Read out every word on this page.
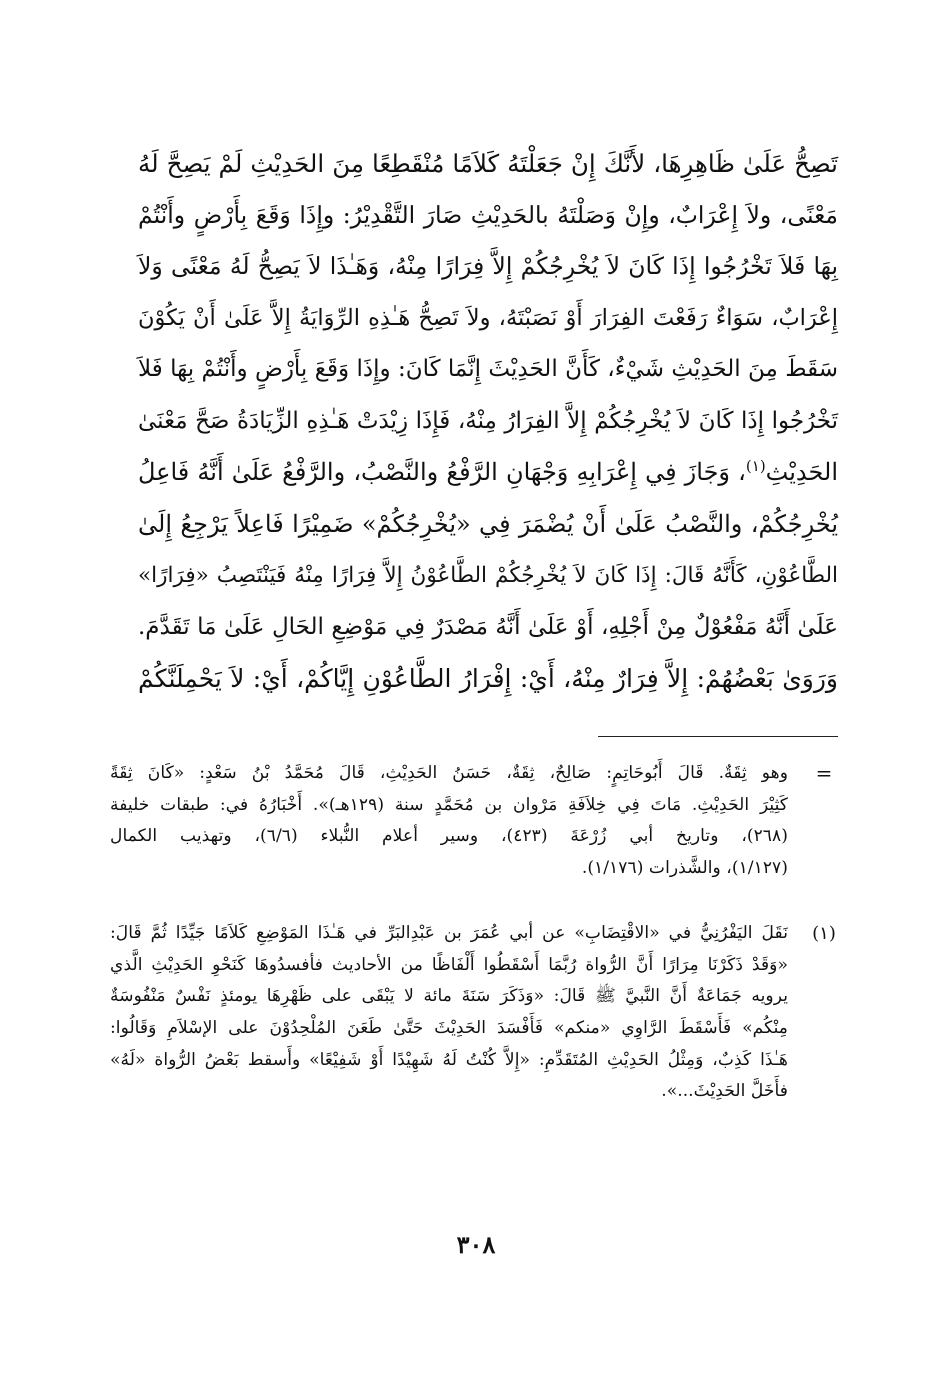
تَصِحُّ عَلَىٰ ظَاهِرِهَا، لأَنَّكَ إِنْ جَعَلْتَهُ كَلاَمًا مُنْقَطِعًا مِنَ الحَدِيْثِ لَمْ يَصِحَّ لَهُ
مَعْنًى، ولاَ إِعْرَابٌ، وإِنْ وَصَلْتَهُ بالحَدِيْثِ صَارَ التَّقْدِيْرُ: وإِذَا وَقَعَ بِأَرْضٍ وأَنْتُمْ
بِهَا فَلاَ تَخْرُجُوا إِذَا كَانَ لاَ يُخْرِجُكُمْ إِلاَّ فِرَارًا مِنْهُ، وَهَـٰذَا لاَ يَصِحُّ لَهُ مَعْنًى وَلاَ
إِعْرَابٌ، سَوَاءٌ رَفَعْتَ الفِرَارَ أَوْ نَصَبْتَهُ، ولاَ تَصِحُّ هَـٰذِهِ الرِّوَايَةُ إِلاَّ عَلَىٰ أَنْ يَكُوْنَ
سَقَطَ مِنَ الحَدِيْثِ شَيْءٌ، كَأَنَّ الحَدِيْثَ إِنَّمَا كَانَ: وإِذَا وَقَعَ بِأَرْضٍ وأَنْتُمْ بِهَا فَلاَ
تَخْرُجُوا إِذَا كَانَ لاَ يُخْرِجُكُمْ إِلاَّ الفِرَارُ مِنْهُ، فَإِذَا زِيْدَتْ هَـٰذِهِ الزِّيَادَةُ صَحَّ مَعْنَىٰ
الحَدِيْثِ$^{(١)}$، وَجَازَ فِي إِعْرَابِهِ وَجْهَانِ الرَّفْعُ والنَّصْبُ، والرَّفْعُ عَلَىٰ أَنَّهُ فَاعِلُ
يُخْرِجُكُمْ، والنَّصْبُ عَلَىٰ أَنْ يُضْمَرَ فِي «يُخْرِجُكُمْ» ضَمِيْرًا فَاعِلاً يَرْجِعُ إِلَىٰ
الطَّاعُوْنِ، كَأَنَّهُ قَالَ: إِذَا كَانَ لاَ يُخْرِجُكُمْ الطَّاعُوْنُ إِلاَّ فِرَارًا مِنْهُ فَيَنْتَصِبُ «فِرَارًا»
عَلَىٰ أَنَّهُ مَفْعُوْلٌ مِنْ أَجْلِهِ، أَوْ عَلَىٰ أَنَّهُ مَصْدَرٌ فِي مَوْضِعِ الحَالِ عَلَىٰ مَا تَقَدَّمَ.
وَرَوَىٰ بَعْضُهُمْ: إِلاَّ فِرَارٌ مِنْهُ، أَيْ: إِفْرَارُ الطَّاعُوْنِ إِيَّاكُمْ، أَيْ: لاَ يَحْمِلَنَّكُمْ
=
وهو ثِقَةٌ. قَالَ أَبُوحَاتِمٍ: صَالِحٌ، ثِقَةٌ، حَسَنُ الحَدِيْثِ، قَالَ مُحَمَّدُ بْنُ سَعْدٍ: «كَانَ ثِقَةً
كَثِيْرَ الحَدِيْثِ. مَاتَ فِي خِلاَفَةِ مَرْوان بن مُحَمَّدٍ سنة (١٢٩هـ)». أَخْبَارُهُ في: طبقات خليفة
(٢٦٨)، وتاريخ أبي زُرْعَةَ (٤٢٣)، وسير أعلام النُّبلاء (٦/٦)، وتهذيب الكمال
(١/١٢٧)، والشَّذرات (١/١٧٦).
(١)
نَقَلَ اليَفْرُنِيُّ في «الاقْتِضَابِ» عن أبي عُمَرَ بن عَبْدِالبَرِّ في هَـٰذَا المَوْضِعِ كَلاَمًا جَيِّدًا ثُمَّ قَالَ:
«وَقَدْ ذَكَرْنَا مِرَارًا أَنَّ الرُّواة رُبَّمَا أَسْقَطُوا أَلْفَاظًا من الأحاديث فأفسدُوهَا كَنَحْوِ الحَدِيْثِ الَّذي
يرويه جَمَاعَةٌ أَنَّ النَّبيَّ ﷺ قَالَ: «وَذَكَرَ سَنَةَ مائة لا يَبْقَى على ظَهْرِهَا يومئذٍ نَفْسٌ مَنْفُوسَةٌ
مِنْكُم» فَأَسْقَطَ الرَّاوِي «منكم» فَأَفْسَدَ الحَدِيْثَ حَتَّىٰ طَعَنَ المُلْحِدُوْنَ على الإسْلاَمِ وَقَالُوا:
هَـٰذَا كَذِبٌ، وَمِثْلُ الحَدِيْثِ المُتَقَدِّمِ: «إِلاَّ كُنْتُ لَهُ شَهِيْدًا أَوْ شَفِيْعًا» وأَسقط بَعْضُ الرُّواة «لَهُ»
فأَخَلَّ الحَدِيْثَ...».
٣٠٨
